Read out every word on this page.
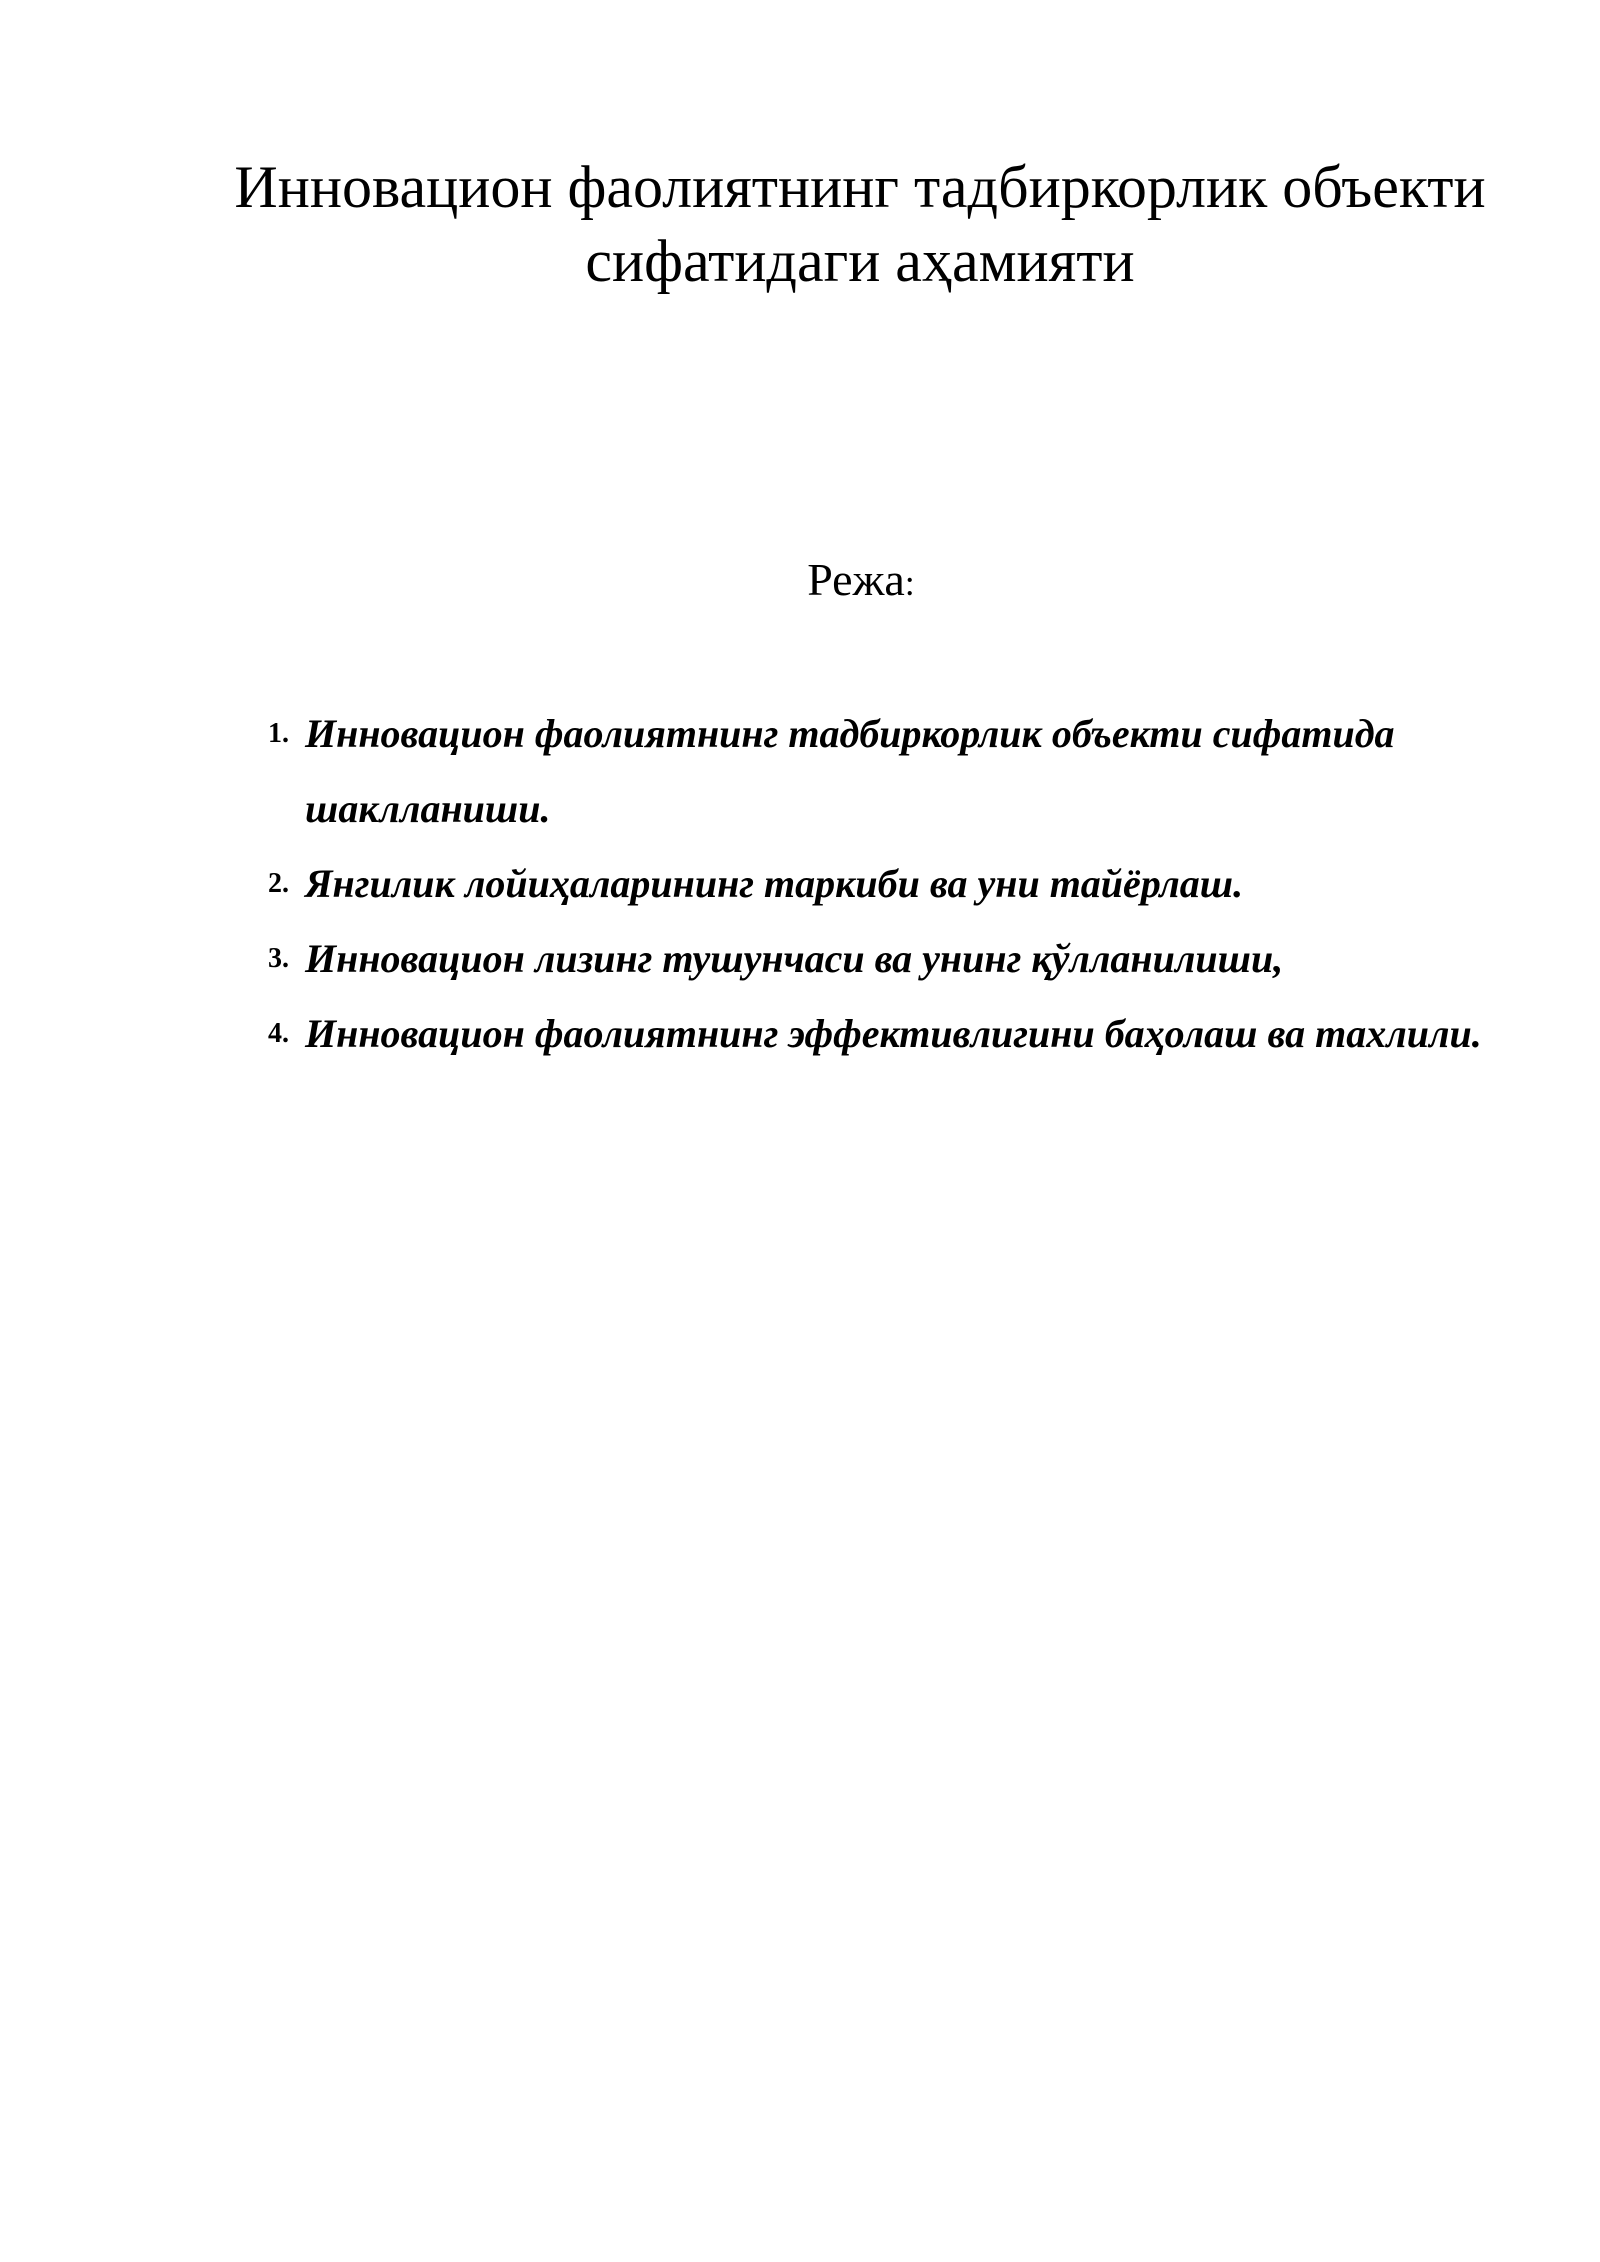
Инновацион фаолиятнинг тадбиркорлик объекти
сифатидаги аҳамияти

Режа:

1. Инновацион фаолиятнинг тадбиркорлик объекти сифатида шаклланиши.
2. Янгилик лойиҳаларининг таркиби ва уни тайёрлаш.
3. Инновацион лизинг тушунчаси ва унинг қўлланилиши,
4. Инновацион фаолиятнинг эффективлигини баҳолаш ва тахлили.
